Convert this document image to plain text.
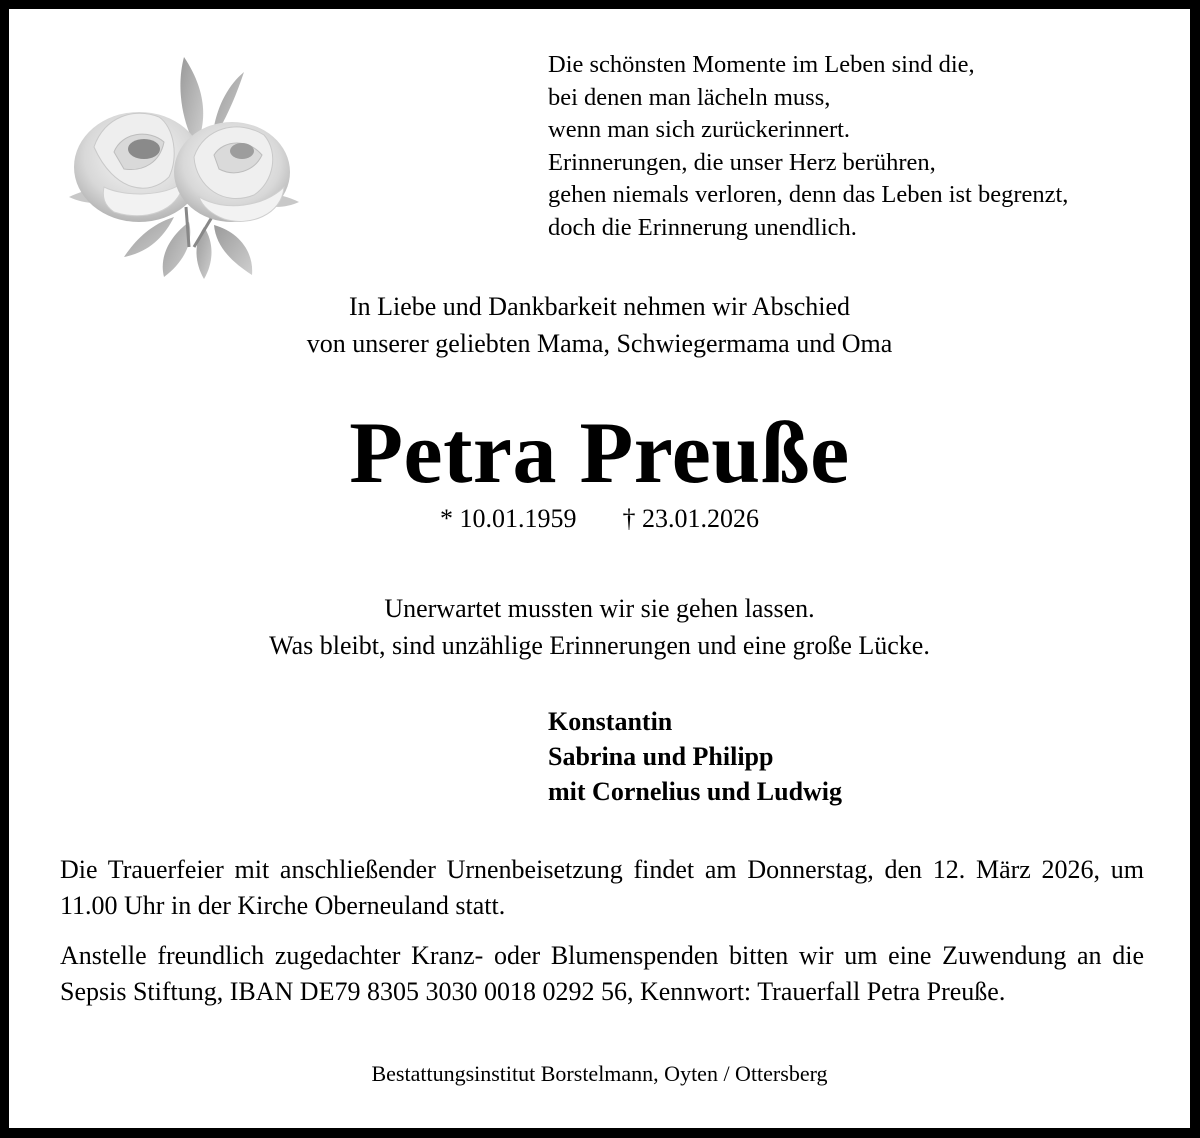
Die schönsten Momente im Leben sind die,
bei denen man lächeln muss,
wenn man sich zurückerinnert.
Erinnerungen, die unser Herz berühren,
gehen niemals verloren, denn das Leben ist begrenzt,
doch die Erinnerung unendlich.
In Liebe und Dankbarkeit nehmen wir Abschied
von unserer geliebten Mama, Schwiegermama und Oma
Petra Preuße
* 10.01.1959 † 23.01.2026
Unerwartet mussten wir sie gehen lassen.
Was bleibt, sind unzählige Erinnerungen und eine große Lücke.
Konstantin
Sabrina und Philipp
mit Cornelius und Ludwig
Die Trauerfeier mit anschließender Urnenbeisetzung findet am Donnerstag, den 12. März 2026, um 11.00 Uhr in der Kirche Oberneuland statt.
Anstelle freundlich zugedachter Kranz- oder Blumenspenden bitten wir um eine Zuwendung an die Sepsis Stiftung, IBAN DE79 8305 3030 0018 0292 56, Kennwort: Trauerfall Petra Preuße.
Bestattungsinstitut Borstelmann, Oyten / Ottersberg
